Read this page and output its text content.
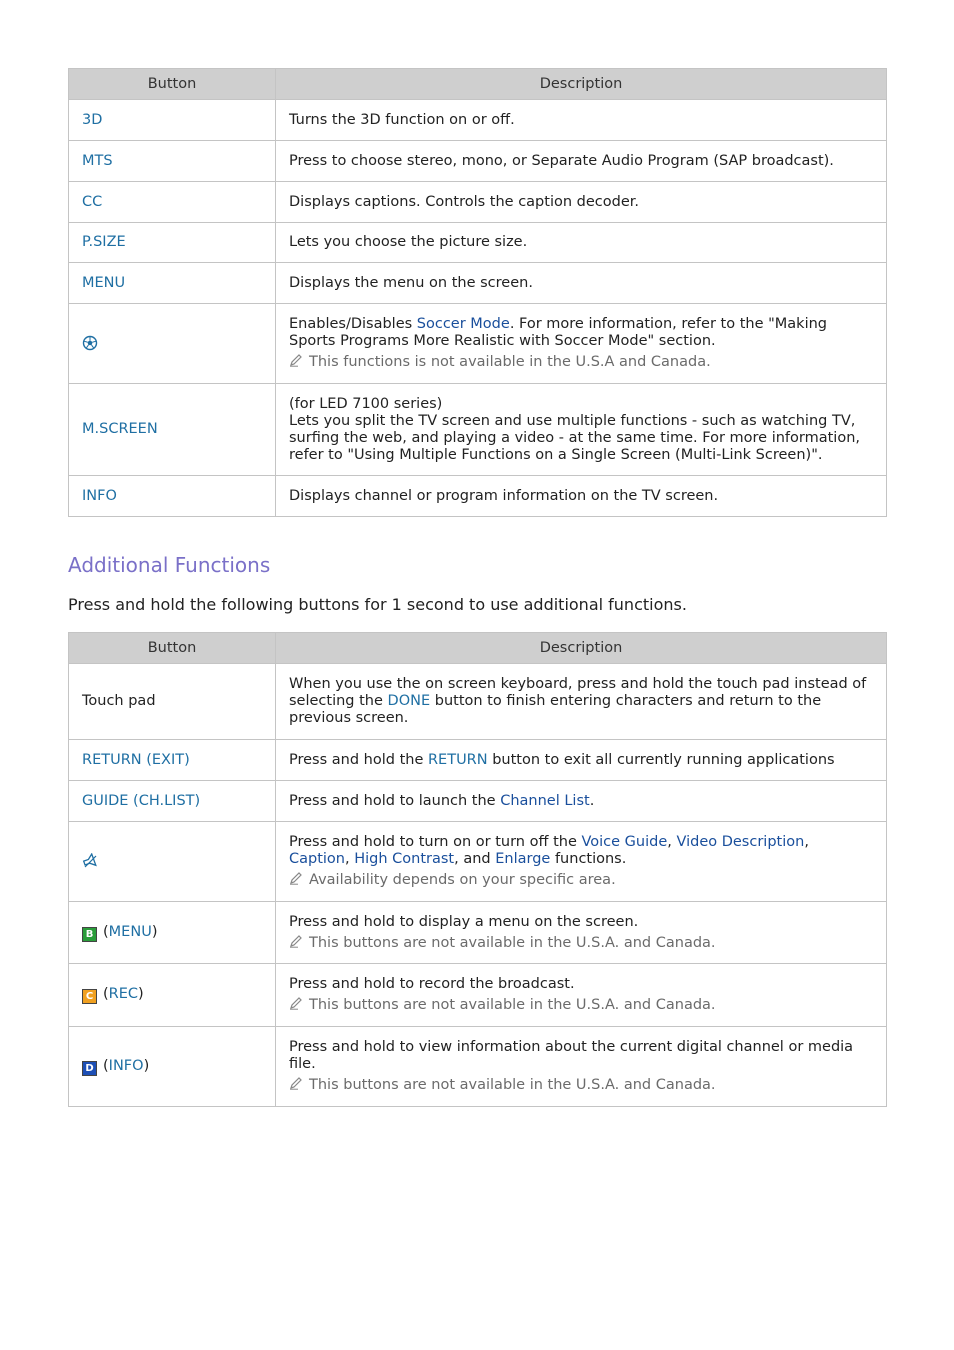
Button	Description
3D	Turns the 3D function on or off.
MTS	Press to choose stereo, mono, or Separate Audio Program (SAP broadcast).
CC	Displays captions. Controls the caption decoder.
P.SIZE	Lets you choose the picture size.
MENU	Displays the menu on the screen.
	Enables/Disables Soccer Mode. For more information, refer to the "Making Sports Programs More Realistic with Soccer Mode" section.
This functions is not available in the U.S.A and Canada.

M.SCREEN	(for LED 7100 series)
Lets you split the TV screen and use multiple functions - such as watching TV, surfing the web, and playing a video - at the same time. For more information, refer to "Using Multiple Functions on a Single Screen (Multi-Link Screen)".

INFO	Displays channel or program information on the TV screen.
Additional Functions

Press and hold the following buttons for 1 second to use additional functions.

Button	Description
Touch pad	When you use the on screen keyboard, press and hold the touch pad instead of selecting the DONE button to finish entering characters and return to the previous screen.
RETURN (EXIT)	Press and hold the RETURN button to exit all currently running applications
GUIDE (CH.LIST)	Press and hold to launch the Channel List.
	Press and hold to turn on or turn off the Voice Guide, Video Description,
Caption, High Contrast, and Enlarge functions.
Availability depends on your specific area.

B (MENU)	Press and hold to display a menu on the screen.
This buttons are not available in the U.S.A. and Canada.

C (REC)	Press and hold to record the broadcast.
This buttons are not available in the U.S.A. and Canada.

D (INFO)	Press and hold to view information about the current digital channel or media file.
This buttons are not available in the U.S.A. and Canada.
